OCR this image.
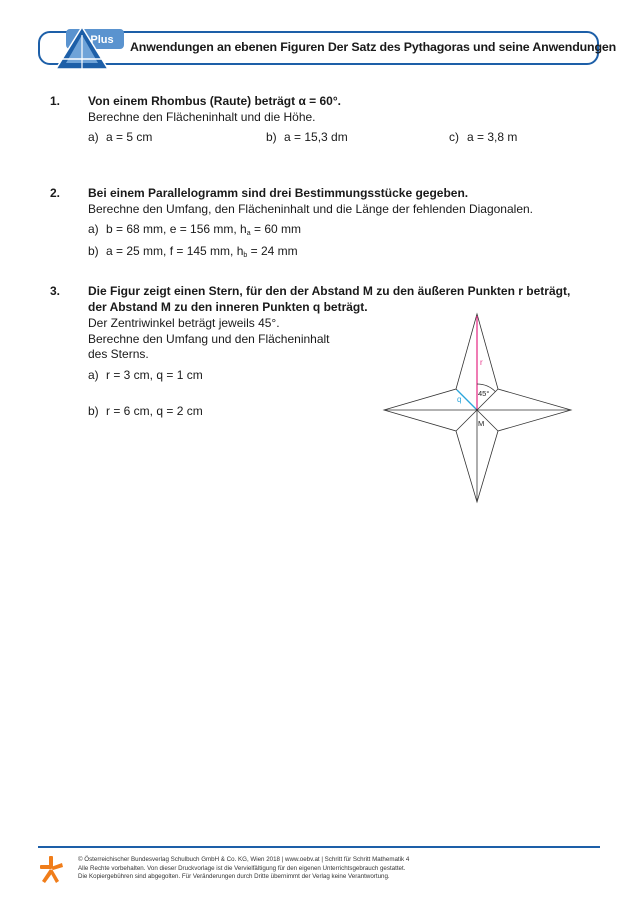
Plus Anwendungen an ebenen Figuren Der Satz des Pythagoras und seine Anwendungen
1. Von einem Rhombus (Raute) beträgt α = 60°.
Berechne den Flächeninhalt und die Höhe.
a) a = 5 cm	b) a = 15,3 dm	c) a = 3,8 m
2. Bei einem Parallelogramm sind drei Bestimmungsstücke gegeben.
Berechne den Umfang, den Flächeninhalt und die Länge der fehlenden Diagonalen.
a) b = 68 mm, e = 156 mm, $h_a = 60$ mm
b) a = 25 mm, f = 145 mm, $h_b = 24$ mm
3. Die Figur zeigt einen Stern, für den der Abstand M zu den äußeren Punkten r beträgt,
der Abstand M zu den inneren Punkten q beträgt.
Der Zentriwinkel beträgt jeweils 45°.
Berechne den Umfang und den Flächeninhalt
des Sterns.
a) r = 3 cm, q = 1 cm
b) r = 6 cm, q = 2 cm
r
q
45°
M
© Österreichischer Bundesverlag Schulbuch GmbH & Co. KG, Wien 2018 | www.oebv.at | Schritt für Schritt Mathematik 4
Alle Rechte vorbehalten. Von dieser Druckvorlage ist die Vervielfältigung für den eigenen Unterrichtsgebrauch gestattet.
Die Kopiergebühren sind abgegolten. Für Veränderungen durch Dritte übernimmt der Verlag keine Verantwortung.
